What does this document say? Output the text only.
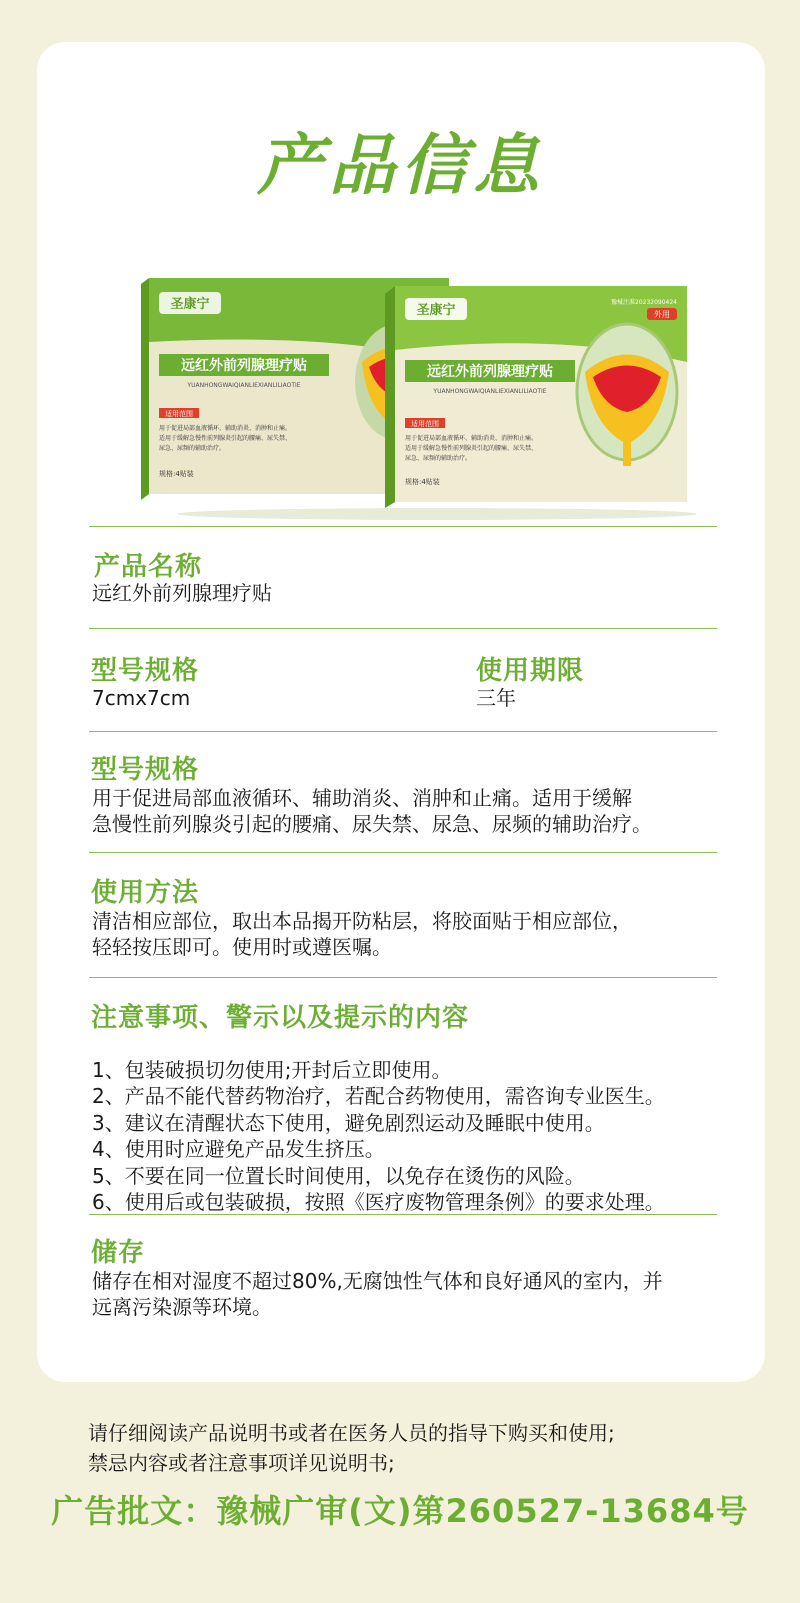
产品信息
圣康宁
远红外前列腺理疗贴
YUANHONGWAIQIANLIEXIANLILIAOTIE
适用范围
用于促进局部血液循环、辅助消炎、消肿和止痛。
适用于缓解急慢性前列腺炎引起的腰痛、尿失禁、
尿急、尿频的辅助治疗。
规格:4贴装
圣康宁
豫械注准20232090424
外用
远红外前列腺理疗贴
YUANHONGWAIQIANLIEXIANLILIAOTIE
适用范围
用于促进局部血液循环、辅助消炎、消肿和止痛。
适用于缓解急慢性前列腺炎引起的腰痛、尿失禁、
尿急、尿频的辅助治疗。
规格:4贴装
产品名称
远红外前列腺理疗贴
型号规格
7cmx7cm
使用期限
三年
型号规格
用于促进局部血液循环、辅助消炎、消肿和止痛。适用于缓解
急慢性前列腺炎引起的腰痛、尿失禁、尿急、尿频的辅助治疗。
使用方法
清洁相应部位，取出本品揭开防粘层，将胶面贴于相应部位，
轻轻按压即可。使用时或遵医嘱。
注意事项、警示以及提示的内容
1、包装破损切勿使用;开封后立即使用。
2、产品不能代替药物治疗，若配合药物使用，需咨询专业医生。
3、建议在清醒状态下使用，避免剧烈运动及睡眠中使用。
4、使用时应避免产品发生挤压。
5、不要在同一位置长时间使用，以免存在烫伤的风险。
6、使用后或包装破损，按照《医疗废物管理条例》的要求处理。
储存
储存在相对湿度不超过80%,无腐蚀性气体和良好通风的室内，并
远离污染源等环境。
请仔细阅读产品说明书或者在医务人员的指导下购买和使用;
禁忌内容或者注意事项详见说明书;
广告批文：豫械广审(文)第260527-13684号
